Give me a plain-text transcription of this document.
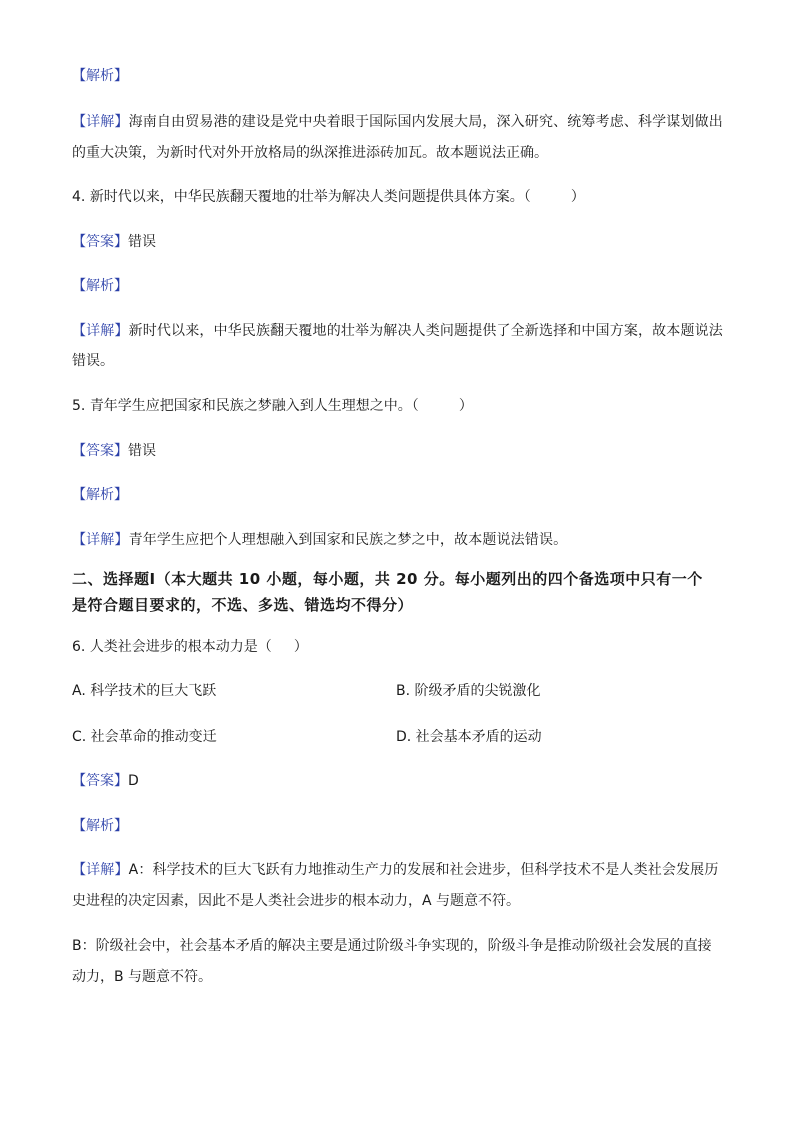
【解析】
【详解】海南自由贸易港的建设是党中央着眼于国际国内发展大局，深入研究、统筹考虑、科学谋划做出
的重大决策，为新时代对外开放格局的纵深推进添砖加瓦。故本题说法正确。
4. 新时代以来，中华民族翻天覆地的壮举为解决人类问题提供具体方案。（	）
【答案】错误
【解析】
【详解】新时代以来，中华民族翻天覆地的壮举为解决人类问题提供了全新选择和中国方案，故本题说法
错误。
5. 青年学生应把国家和民族之梦融入到人生理想之中。（	）
【答案】错误
【解析】
【详解】青年学生应把个人理想融入到国家和民族之梦之中，故本题说法错误。
二、选择题Ⅰ（本大题共 10 小题，每小题，共 20 分。每小题列出的四个备选项中只有一个
是符合题目要求的，不选、多选、错选均不得分）
6. 人类社会进步的根本动力是（ ）
A. 科学技术的巨大飞跃	B. 阶级矛盾的尖锐激化
C. 社会革命的推动变迁	D. 社会基本矛盾的运动
【答案】D
【解析】
【详解】A：科学技术的巨大飞跃有力地推动生产力的发展和社会进步，但科学技术不是人类社会发展历
史进程的决定因素，因此不是人类社会进步的根本动力，A 与题意不符。
B：阶级社会中，社会基本矛盾的解决主要是通过阶级斗争实现的，阶级斗争是推动阶级社会发展的直接
动力，B 与题意不符。
